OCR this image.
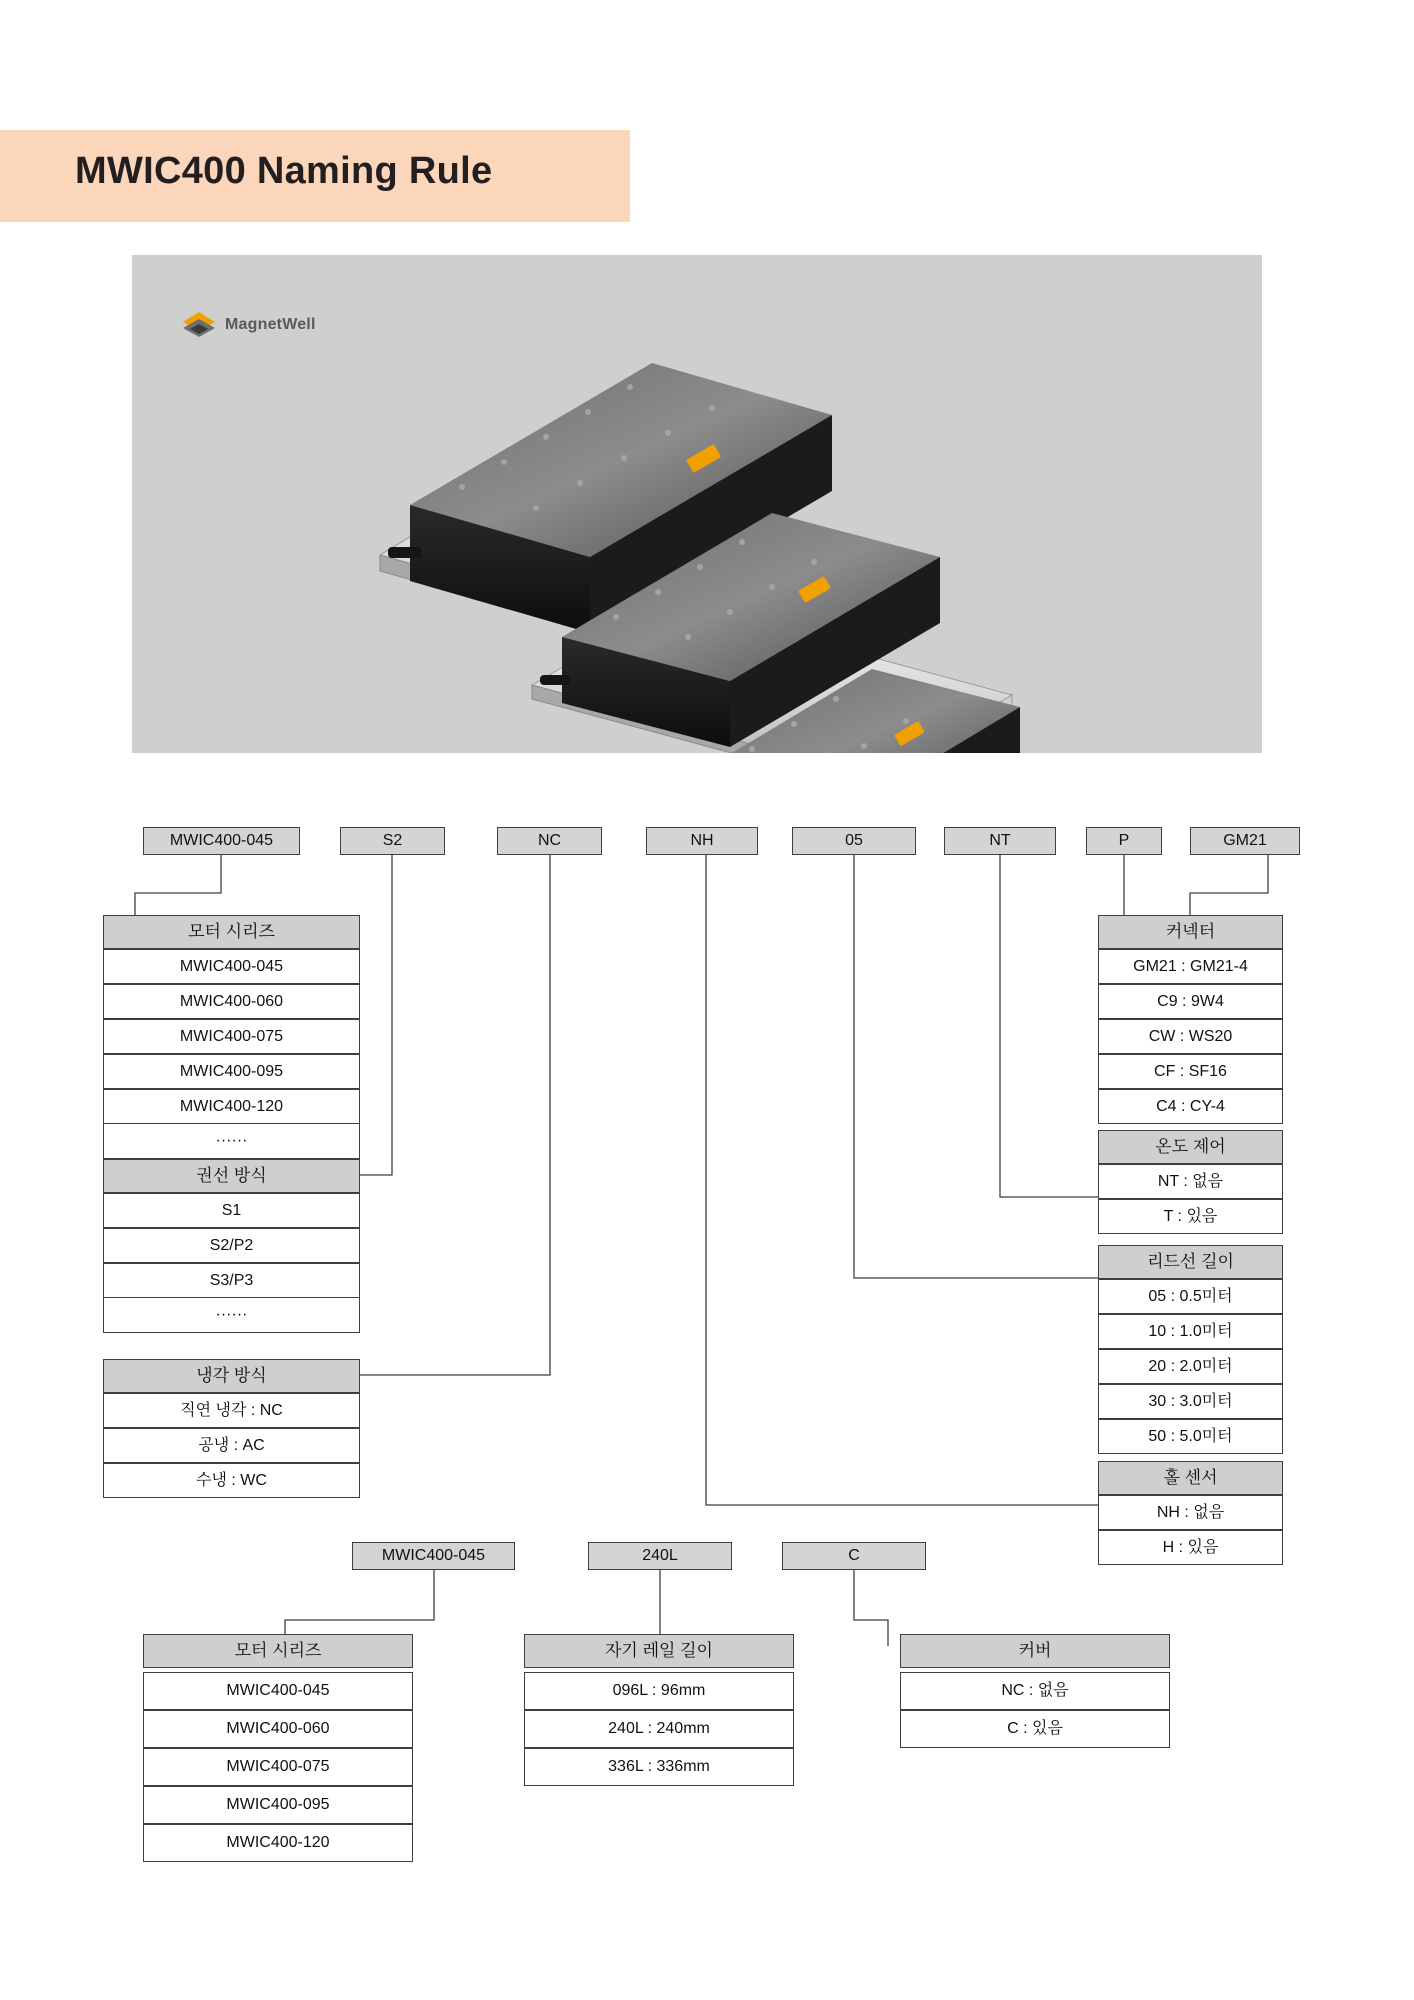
MWIC400 Naming Rule
MagnetWell
MWIC400-045	S2	NC	NH	05	NT	P	GM21
모터 시리즈
MWIC400-045
MWIC400-060
MWIC400-075
MWIC400-095
MWIC400-120
······
권선 방식
S1
S2/P2
S3/P3
······
냉각 방식
직연 냉각 : NC
공냉 : AC
수냉 : WC
커넥터
GM21 : GM21-4
C9 : 9W4
CW : WS20
CF : SF16
C4 : CY-4
온도 제어
NT : 없음
T : 있음
리드선 길이
05 : 0.5미터
10 : 1.0미터
20 : 2.0미터
30 : 3.0미터
50 : 5.0미터
홀 센서
NH : 없음
H : 있음
MWIC400-045	240L	C
모터 시리즈
MWIC400-045
MWIC400-060
MWIC400-075
MWIC400-095
MWIC400-120
자기 레일 길이
096L : 96mm
240L : 240mm
336L : 336mm
커버
NC : 없음
C : 있음
